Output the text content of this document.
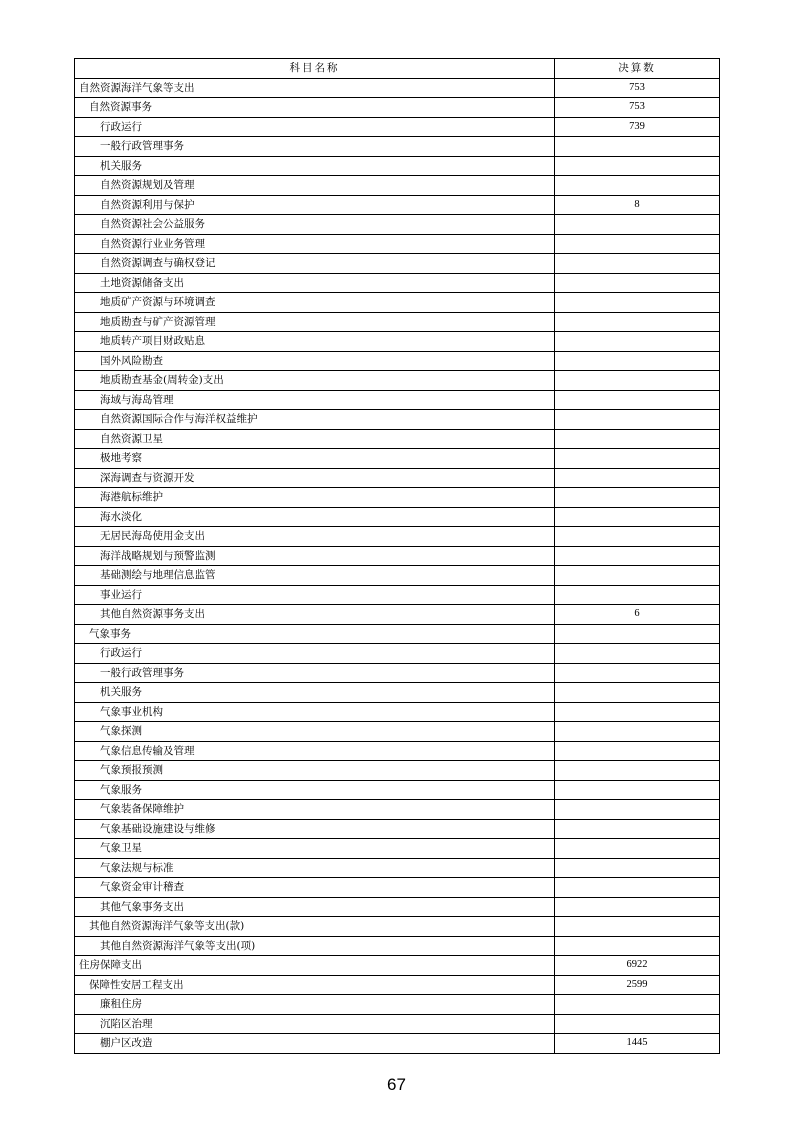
科目名称	决算数
自然资源海洋气象等支出	753
自然资源事务	753
行政运行	739
一般行政管理事务	
机关服务	
自然资源规划及管理	
自然资源利用与保护	8
自然资源社会公益服务	
自然资源行业业务管理	
自然资源调查与确权登记	
土地资源储备支出	
地质矿产资源与环境调查	
地质勘查与矿产资源管理	
地质转产项目财政贴息	
国外风险勘查	
地质勘查基金(周转金)支出	
海域与海岛管理	
自然资源国际合作与海洋权益维护	
自然资源卫星	
极地考察	
深海调查与资源开发	
海港航标维护	
海水淡化	
无居民海岛使用金支出	
海洋战略规划与预警监测	
基础测绘与地理信息监管	
事业运行	
其他自然资源事务支出	6
气象事务	
行政运行	
一般行政管理事务	
机关服务	
气象事业机构	
气象探测	
气象信息传输及管理	
气象预报预测	
气象服务	
气象装备保障维护	
气象基础设施建设与维修	
气象卫星	
气象法规与标准	
气象资金审计稽查	
其他气象事务支出	
其他自然资源海洋气象等支出(款)	
其他自然资源海洋气象等支出(项)	
住房保障支出	6922
保障性安居工程支出	2599
廉租住房	
沉陷区治理	
棚户区改造	1445
67
